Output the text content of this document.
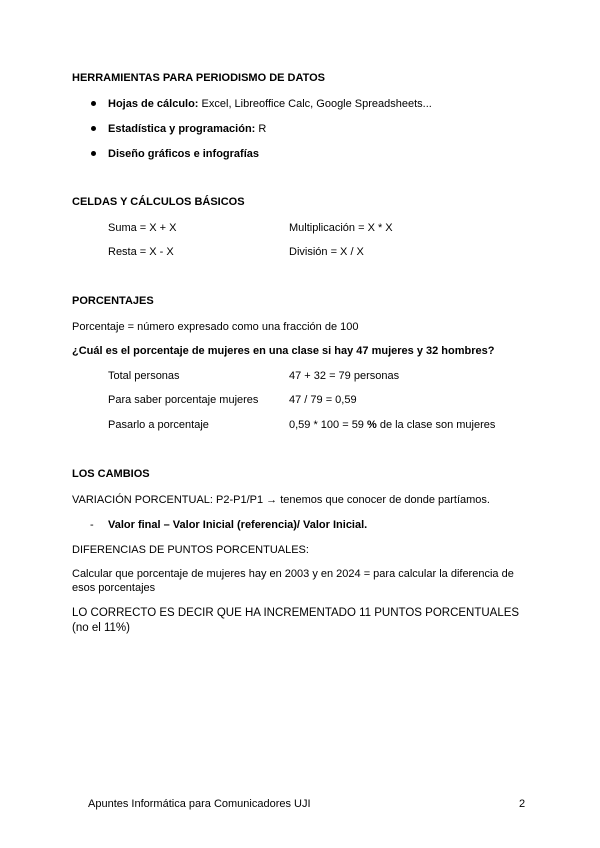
HERRAMIENTAS PARA PERIODISMO DE DATOS
Hojas de cálculo: Excel, Libreoffice Calc, Google Spreadsheets...
Estadística y programación: R
Diseño gráficos e infografías
CELDAS Y CÁLCULOS BÁSICOS
Suma = X + X	Multiplicación = X * X
Resta = X - X	División = X / X
PORCENTAJES
Porcentaje = número expresado como una fracción de 100
¿Cuál es el porcentaje de mujeres en una clase si hay 47 mujeres y 32 hombres?
Total personas	47 + 32 = 79 personas
Para saber porcentaje mujeres	47 / 79 = 0,59
Pasarlo a porcentaje	0,59 * 100 = 59 % de la clase son mujeres
LOS CAMBIOS
VARIACIÓN PORCENTUAL: P2-P1/P1 → tenemos que conocer de donde partíamos.
- Valor final – Valor Inicial (referencia)/ Valor Inicial.
DIFERENCIAS DE PUNTOS PORCENTUALES:
Calcular que porcentaje de mujeres hay en 2003 y en 2024 = para calcular la diferencia de esos porcentajes
LO CORRECTO ES DECIR QUE HA INCREMENTADO 11 PUNTOS PORCENTUALES (no el 11%)
Apuntes Informática para Comunicadores UJI	2
